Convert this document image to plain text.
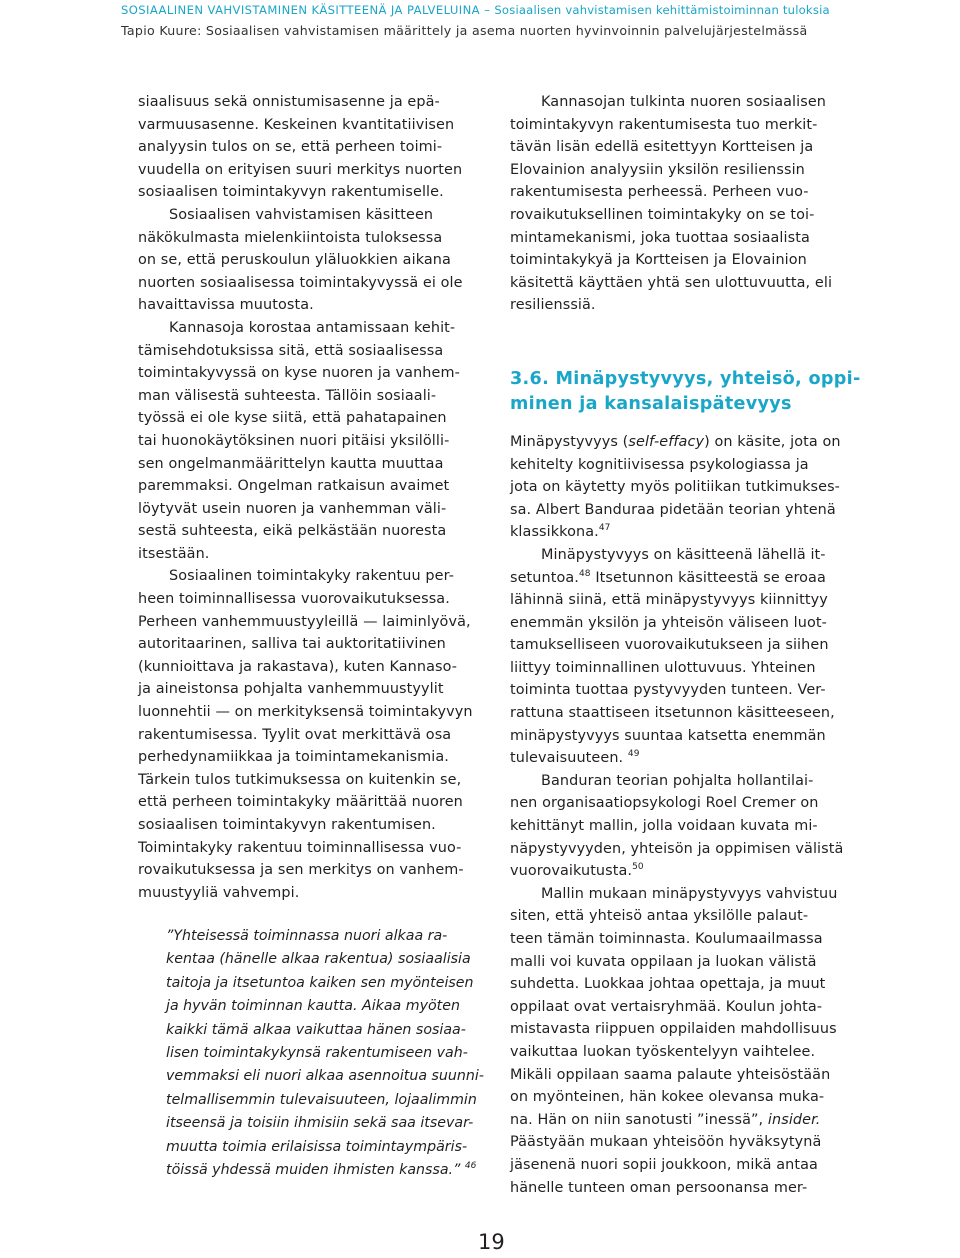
SOSIAALINEN VAHVISTAMINEN KÄSITTEENÄ JA PALVELUINA – Sosiaalisen vahvistamisen kehittämistoiminnan tuloksia
Tapio Kuure: Sosiaalisen vahvistamisen määrittely ja asema nuorten hyvinvoinnin palvelujärjestelmässä

siaalisuus sekä onnistumisasenne ja epä-
varmuusasenne. Keskeinen kvantitatiivisen
analyysin tulos on se, että perheen toimi-
vuudella on erityisen suuri merkitys nuorten
sosiaalisen toimintakyvyn rakentumiselle.

Sosiaalisen vahvistamisen käsitteen
näkökulmasta mielenkiintoista tuloksessa
on se, että peruskoulun yläluokkien aikana
nuorten sosiaalisessa toimintakyvyssä ei ole
havaittavissa muutosta.

Kannasoja korostaa antamissaan kehit-
tämisehdotuksissa sitä, että sosiaalisessa
toimintakyvyssä on kyse nuoren ja vanhem-
man välisestä suhteesta. Tällöin sosiaali-
työssä ei ole kyse siitä, että pahatapainen
tai huonokäytöksinen nuori pitäisi yksilölli-
sen ongelmanmäärittelyn kautta muuttaa
paremmaksi. Ongelman ratkaisun avaimet
löytyvät usein nuoren ja vanhemman väli-
sestä suhteesta, eikä pelkästään nuoresta
itsestään.

Sosiaalinen toimintakyky rakentuu per-
heen toiminnallisessa vuorovaikutuksessa.
Perheen vanhemmuustyyleillä — laiminlyövä,
autoritaarinen, salliva tai auktoritatiivinen
(kunnioittava ja rakastava), kuten Kannaso-
ja aineistonsa pohjalta vanhemmuustyylit
luonnehtii — on merkityksensä toimintakyvyn
rakentumisessa. Tyylit ovat merkittävä osa
perhedynamiikkaa ja toimintamekanismia.
Tärkein tulos tutkimuksessa on kuitenkin se,
että perheen toimintakyky määrittää nuoren
sosiaalisen toimintakyvyn rakentumisen.
Toimintakyky rakentuu toiminnallisessa vuo-
rovaikutuksessa ja sen merkitys on vanhem-
muustyyliä vahvempi.

”Yhteisessä toiminnassa nuori alkaa ra-
kentaa (hänelle alkaa rakentua) sosiaalisia
taitoja ja itsetuntoa kaiken sen myönteisen
ja hyvän toiminnan kautta. Aikaa myöten
kaikki tämä alkaa vaikuttaa hänen sosiaa-
lisen toimintakykynsä rakentumiseen vah-
vemmaksi eli nuori alkaa asennoitua suunni-
telmallisemmin tulevaisuuteen, lojaalimmin
itseensä ja toisiin ihmisiin sekä saa itsevar-
muutta toimia erilaisissa toimintaympäris-
töissä yhdessä muiden ihmisten kanssa.” $^{46}$

Kannasojan tulkinta nuoren sosiaalisen
toimintakyvyn rakentumisesta tuo merkit-
tävän lisän edellä esitettyyn Kortteisen ja
Elovainion analyysiin yksilön resilienssin
rakentumisesta perheessä. Perheen vuo-
rovaikutuksellinen toimintakyky on se toi-
mintamekanismi, joka tuottaa sosiaalista
toimintakykyä ja Kortteisen ja Elovainion
käsitettä käyttäen yhtä sen ulottuvuutta, eli
resilienssiä.

3.6. Minäpystyvyys, yhteisö, oppi-
minen ja kansalaispätevyys

Minäpystyvyys (self-effacy) on käsite, jota on
kehitelty kognitiivisessa psykologiassa ja
jota on käytetty myös politiikan tutkimukses-
sa. Albert Banduraa pidetään teorian yhtenä
klassikkona.$^{47}$

Minäpystyvyys on käsitteenä lähellä it-
setuntoa.$^{48}$ Itsetunnon käsitteestä se eroaa
lähinnä siinä, että minäpystyvyys kiinnittyy
enemmän yksilön ja yhteisön väliseen luot-
tamukselliseen vuorovaikutukseen ja siihen
liittyy toiminnallinen ulottuvuus. Yhteinen
toiminta tuottaa pystyvyyden tunteen. Ver-
rattuna staattiseen itsetunnon käsitteeseen,
minäpystyvyys suuntaa katsetta enemmän
tulevaisuuteen. $^{49}$

Banduran teorian pohjalta hollantilai-
nen organisaatiopsykologi Roel Cremer on
kehittänyt mallin, jolla voidaan kuvata mi-
näpystyvyyden, yhteisön ja oppimisen välistä
vuorovaikutusta.$^{50}$

Mallin mukaan minäpystyvyys vahvistuu
siten, että yhteisö antaa yksilölle palaut-
teen tämän toiminnasta. Koulumaailmassa
malli voi kuvata oppilaan ja luokan välistä
suhdetta. Luokkaa johtaa opettaja, ja muut
oppilaat ovat vertaisryhmää. Koulun johta-
mistavasta riippuen oppilaiden mahdollisuus
vaikuttaa luokan työskentelyyn vaihtelee.
Mikäli oppilaan saama palaute yhteisöstään
on myönteinen, hän kokee olevansa muka-
na. Hän on niin sanotusti ”inessä”, insider.
Päästyään mukaan yhteisöön hyväksytynä
jäsenenä nuori sopii joukkoon, mikä antaa
hänelle tunteen oman persoonansa mer-

19
